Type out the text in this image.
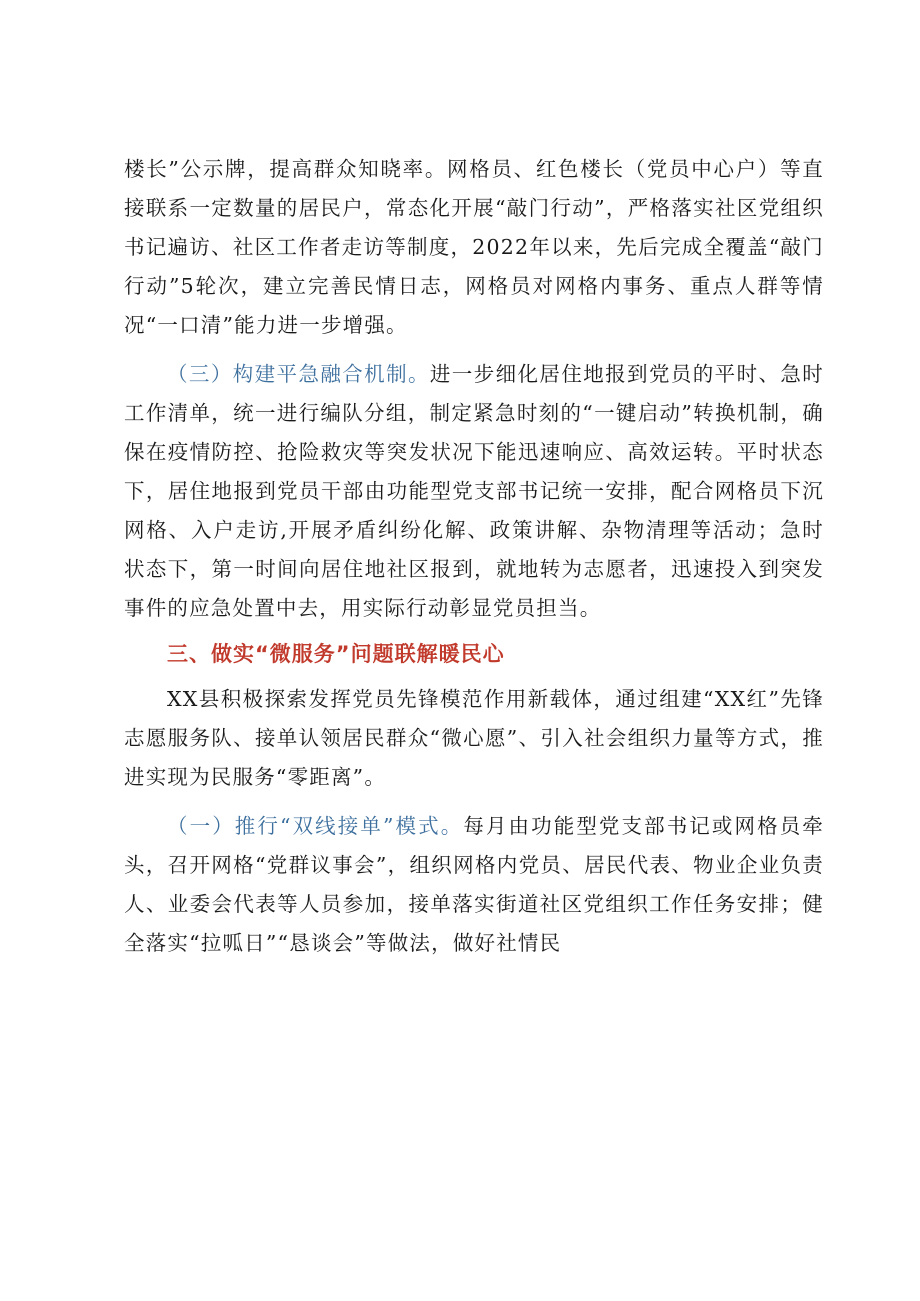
楼长”公示牌，提高群众知晓率。网格员、红色楼长（党员中心户）等直接联系一定数量的居民户，常态化开展“敲门行动”，严格落实社区党组织书记遍访、社区工作者走访等制度，2022年以来，先后完成全覆盖“敲门行动”5轮次，建立完善民情日志，网格员对网格内事务、重点人群等情况“一口清”能力进一步增强。

（三）构建平急融合机制。进一步细化居住地报到党员的平时、急时工作清单，统一进行编队分组，制定紧急时刻的“一键启动”转换机制，确保在疫情防控、抢险救灾等突发状况下能迅速响应、高效运转。平时状态下，居住地报到党员干部由功能型党支部书记统一安排，配合网格员下沉网格、入户走访,开展矛盾纠纷化解、政策讲解、杂物清理等活动；急时状态下，第一时间向居住地社区报到，就地转为志愿者，迅速投入到突发事件的应急处置中去，用实际行动彰显党员担当。

三、做实“微服务”问题联解暖民心

XX县积极探索发挥党员先锋模范作用新载体，通过组建“XX红”先锋志愿服务队、接单认领居民群众“微心愿”、引入社会组织力量等方式，推进实现为民服务“零距离”。

（一）推行“双线接单”模式。每月由功能型党支部书记或网格员牵头，召开网格“党群议事会”，组织网格内党员、居民代表、物业企业负责人、业委会代表等人员参加，接单落实街道社区党组织工作任务安排；健全落实“拉呱日”“恳谈会”等做法，做好社情民
